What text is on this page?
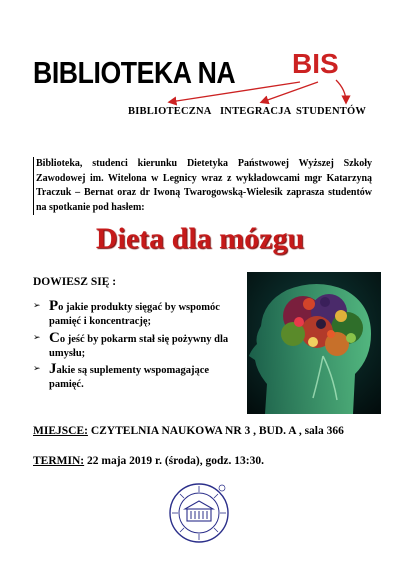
BIBLIOTEKA NA BIS
BIBLIOTECZNA INTEGRACJA STUDENTÓW
Biblioteka, studenci kierunku Dietetyka Państwowej Wyższej Szkoły Zawodowej im. Witelona w Legnicy wraz z wykładowcami mgr Katarzyną Traczuk – Bernat oraz dr Iwoną Twarogowską-Wielesik zaprasza studentów na spotkanie pod hasłem:
Dieta dla mózgu
DOWIESZ SIĘ :
➢ Po jakie produkty sięgać by wspomóc pamięć i koncentrację;
➢ Co jeść by pokarm stał się pożywny dla umysłu;
➢ Jakie są suplementy wspomagające pamięć.
MIEJSCE: CZYTELNIA NAUKOWA NR 3 , BUD. A , sala 366
TERMIN: 22 maja 2019 r. (środa), godz. 13:30.
